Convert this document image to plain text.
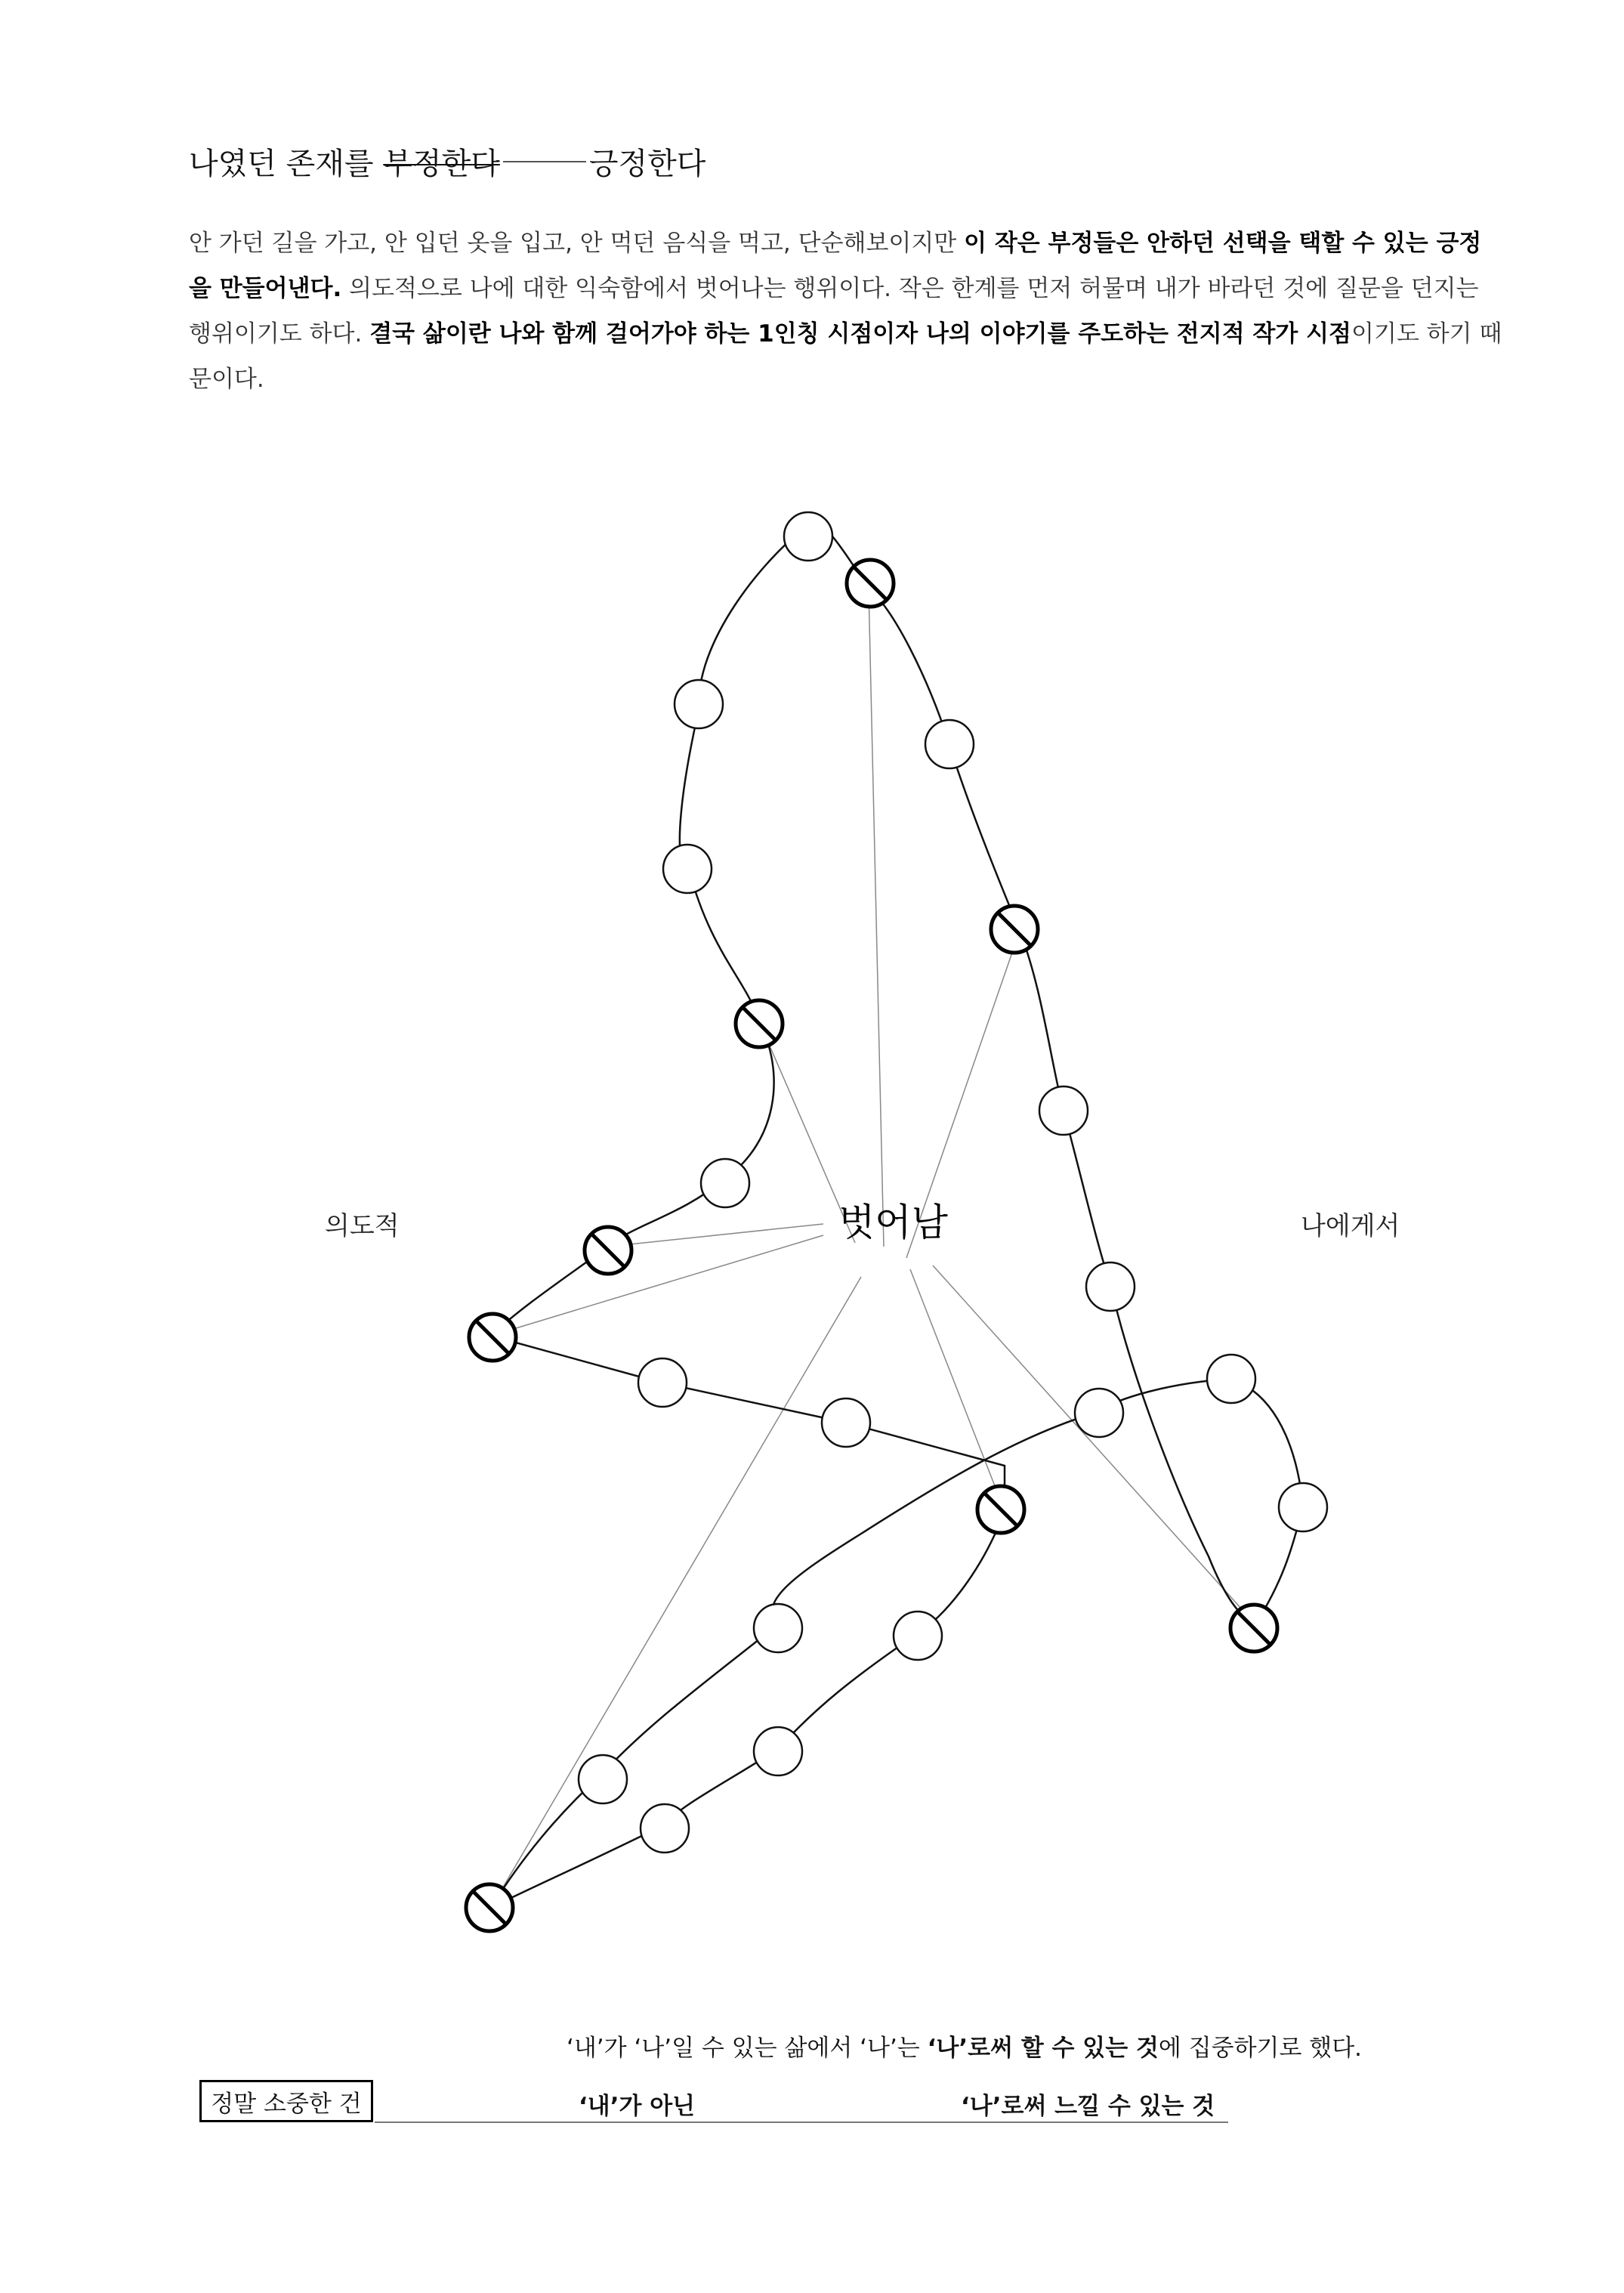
나였던 존재를 부정한다	긍정한다
안 가던 길을 가고, 안 입던 옷을 입고, 안 먹던 음식을 먹고, 단순해보이지만 이 작은 부정들은 안하던 선택을 택할 수 있는 긍정을 만들어낸다. 의도적으로 나에 대한 익숙함에서 벗어나는 행위이다. 작은 한계를 먼저 허물며 내가 바라던 것에 질문을 던지는 행위이기도 하다. 결국 삶이란 나와 함께 걸어가야 하는 1인칭 시점이자 나의 이야기를 주도하는 전지적 작가 시점이기도 하기 때문이다.
벗어남
의도적	나에게서
‘내’가 ‘나’일 수 있는 삶에서 ‘나’는 ‘나’로써 할 수 있는 것에 집중하기로 했다.
정말 소중한 건	‘내’가 아닌	‘나’로써 느낄 수 있는 것
